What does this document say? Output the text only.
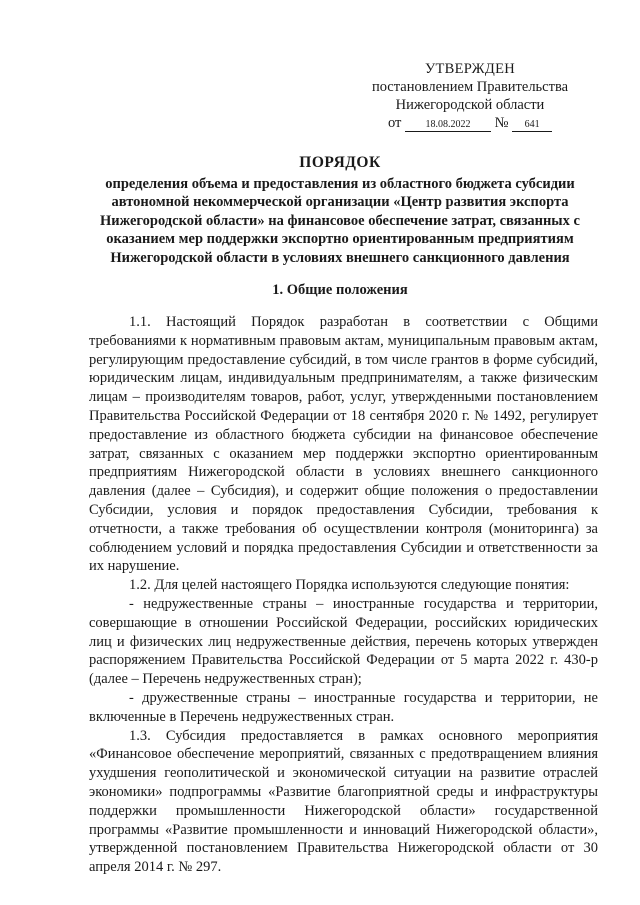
УТВЕРЖДЕН
постановлением Правительства
Нижегородской области
от 18.08.2022 № 641
ПОРЯДОК
определения объема и предоставления из областного бюджета субсидии
автономной некоммерческой организации «Центр развития экспорта
Нижегородской области» на финансовое обеспечение затрат, связанных с
оказанием мер поддержки экспортно ориентированным предприятиям
Нижегородской области в условиях внешнего санкционного давления
1. Общие положения

1.1. Настоящий Порядок разработан в соответствии с Общими требованиями к нормативным правовым актам, муниципальным правовым актам, регулирующим предоставление субсидий, в том числе грантов в форме субсидий, юридическим лицам, индивидуальным предпринимателям, а также физическим лицам – производителям товаров, работ, услуг, утвержденными постановлением Правительства Российской Федерации от 18 сентября 2020 г. № 1492, регулирует предоставление из областного бюджета субсидии на финансовое обеспечение затрат, связанных с оказанием мер поддержки экспортно ориентированным предприятиям Нижегородской области в условиях внешнего санкционного давления (далее – Субсидия), и содержит общие положения о предоставлении Субсидии, условия и порядок предоставления Субсидии, требования к отчетности, а также требования об осуществлении контроля (мониторинга) за соблюдением условий и порядка предоставления Субсидии и ответственности за их нарушение.

1.2. Для целей настоящего Порядка используются следующие понятия:

- недружественные страны – иностранные государства и территории, совершающие в отношении Российской Федерации, российских юридических лиц и физических лиц недружественные действия, перечень которых утвержден распоряжением Правительства Российской Федерации от 5 марта 2022 г. 430-р (далее – Перечень недружественных стран);

- дружественные страны – иностранные государства и территории, не включенные в Перечень недружественных стран.

1.3. Субсидия предоставляется в рамках основного мероприятия «Финансовое обеспечение мероприятий, связанных с предотвращением влияния ухудшения геополитической и экономической ситуации на развитие отраслей экономики» подпрограммы «Развитие благоприятной среды и инфраструктуры поддержки промышленности Нижегородской области» государственной программы «Развитие промышленности и инноваций Нижегородской области», утвержденной постановлением Правительства Нижегородской области от 30 апреля 2014 г. № 297.
